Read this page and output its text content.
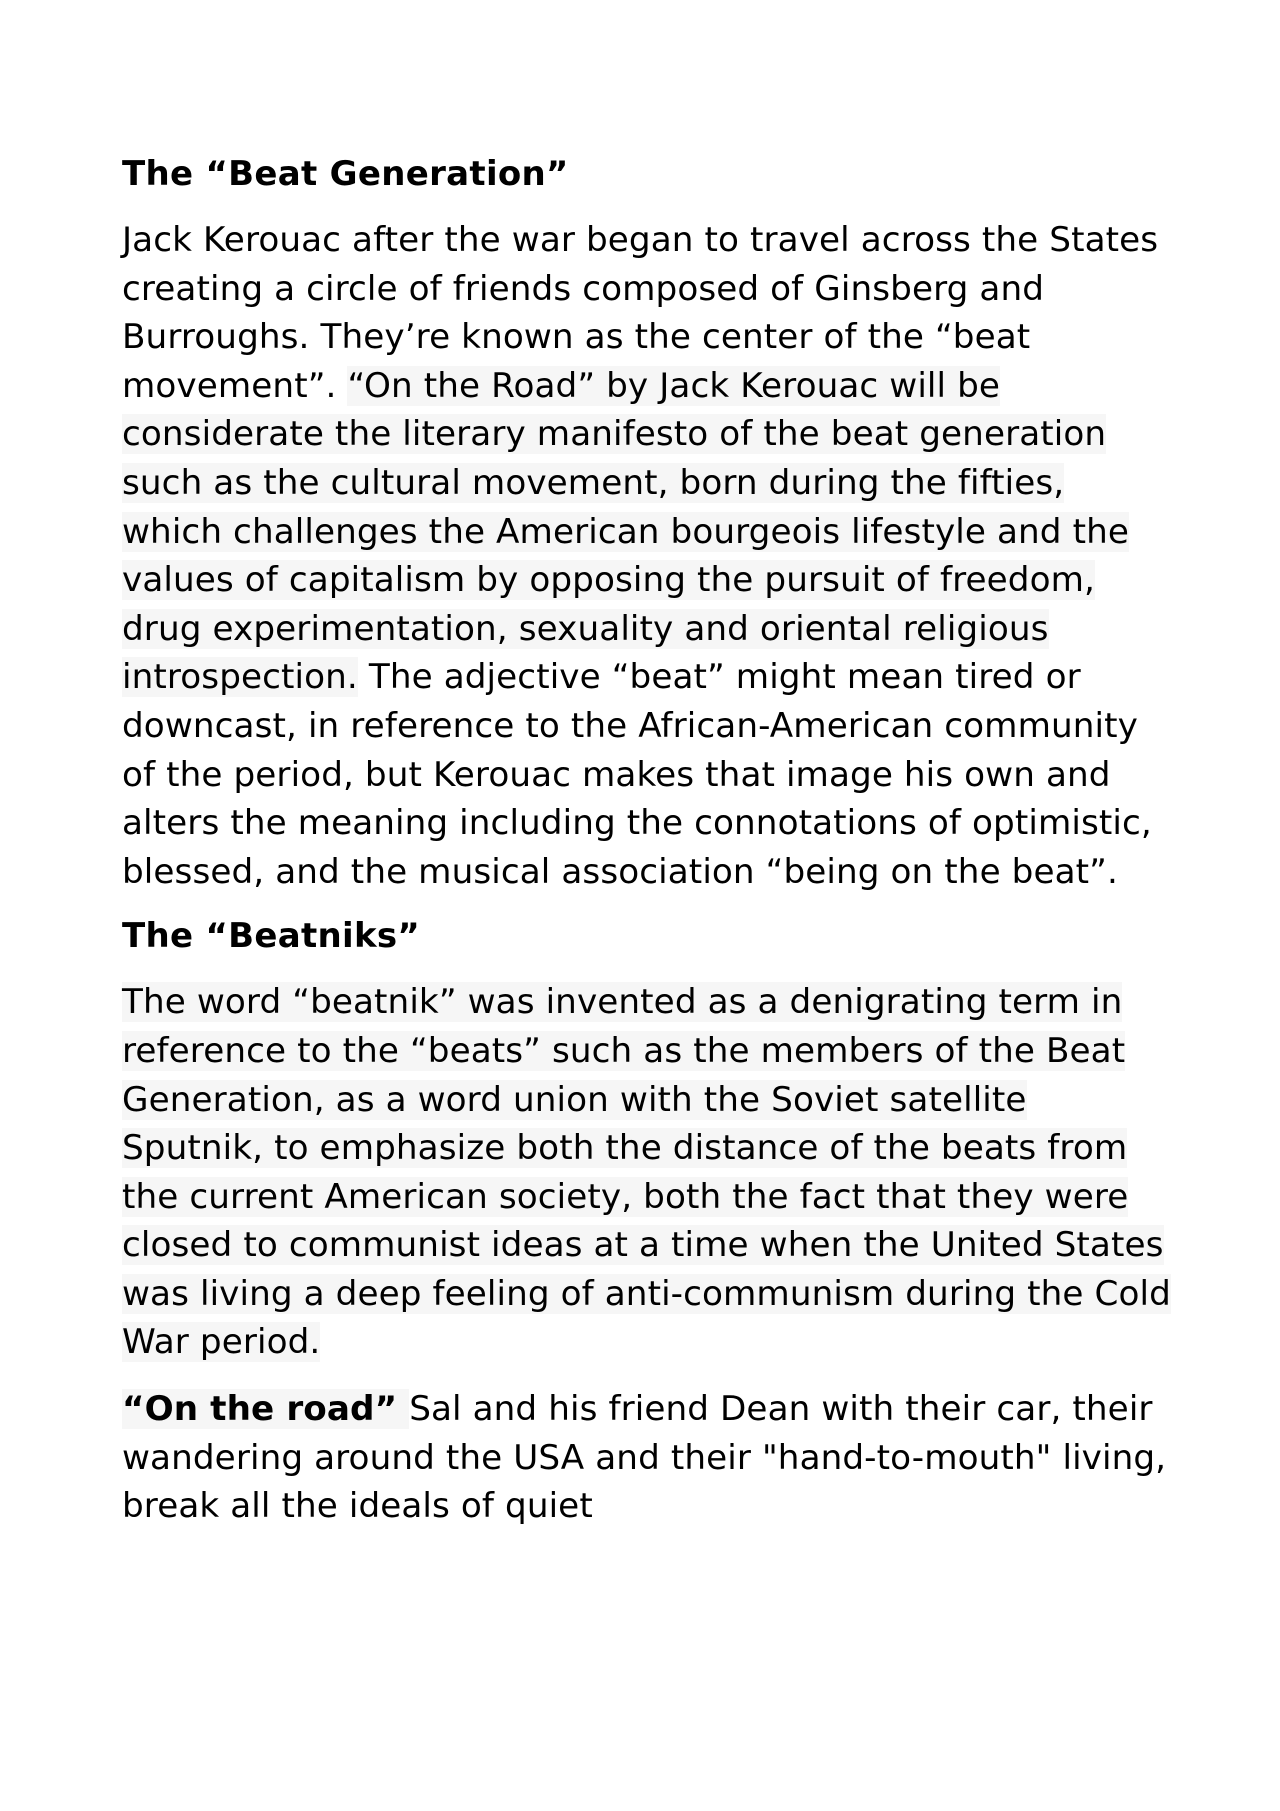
The “Beat Generation”

Jack Kerouac after the war began to travel across the States creating a circle of friends composed of Ginsberg and Burroughs. They’re known as the center of the “beat movement”. “On the Road” by Jack Kerouac will be considerate the literary manifesto of the beat generation such as the cultural movement, born during the fifties, which challenges the American bourgeois lifestyle and the values of capitalism by opposing the pursuit of freedom, drug experimentation, sexuality and oriental religious introspection. The adjective “beat” might mean tired or downcast, in reference to the African-American community of the period, but Kerouac makes that image his own and alters the meaning including the connotations of optimistic, blessed, and the musical association “being on the beat”.

The “Beatniks”

The word “beatnik” was invented as a denigrating term in reference to the “beats” such as the members of the Beat Generation, as a word union with the Soviet satellite Sputnik, to emphasize both the distance of the beats from the current American society, both the fact that they were closed to communist ideas at a time when the United States was living a deep feeling of anti-communism during the Cold War period.

“On the road” Sal and his friend Dean with their car, their wandering around the USA and their "hand-to-mouth" living, break all the ideals of quiet
